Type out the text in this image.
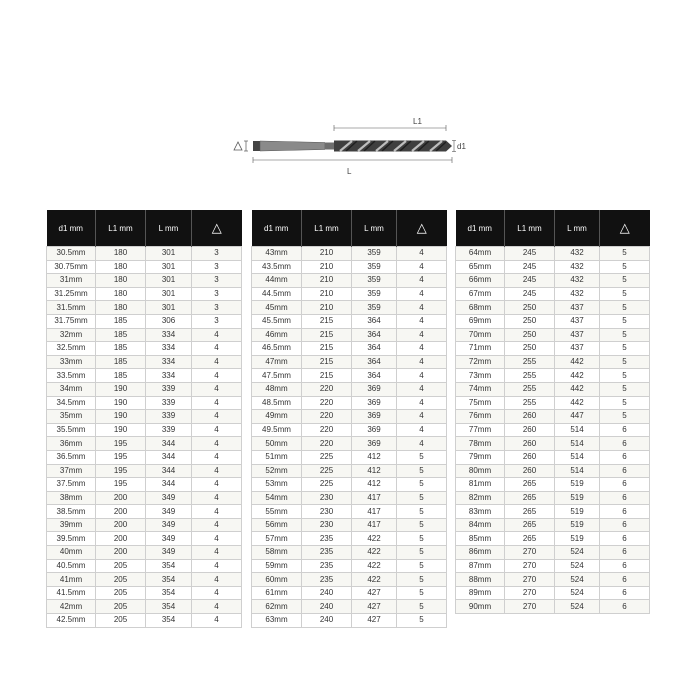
L1
d1
L
d1 mm	L1 mm	L mm	△
30.5mm	180	301	3
30.75mm	180	301	3
31mm	180	301	3
31.25mm	180	301	3
31.5mm	180	301	3
31.75mm	185	306	3
32mm	185	334	4
32.5mm	185	334	4
33mm	185	334	4
33.5mm	185	334	4
34mm	190	339	4
34.5mm	190	339	4
35mm	190	339	4
35.5mm	190	339	4
36mm	195	344	4
36.5mm	195	344	4
37mm	195	344	4
37.5mm	195	344	4
38mm	200	349	4
38.5mm	200	349	4
39mm	200	349	4
39.5mm	200	349	4
40mm	200	349	4
40.5mm	205	354	4
41mm	205	354	4
41.5mm	205	354	4
42mm	205	354	4
42.5mm	205	354	4
d1 mm	L1 mm	L mm	△
43mm	210	359	4
43.5mm	210	359	4
44mm	210	359	4
44.5mm	210	359	4
45mm	210	359	4
45.5mm	215	364	4
46mm	215	364	4
46.5mm	215	364	4
47mm	215	364	4
47.5mm	215	364	4
48mm	220	369	4
48.5mm	220	369	4
49mm	220	369	4
49.5mm	220	369	4
50mm	220	369	4
51mm	225	412	5
52mm	225	412	5
53mm	225	412	5
54mm	230	417	5
55mm	230	417	5
56mm	230	417	5
57mm	235	422	5
58mm	235	422	5
59mm	235	422	5
60mm	235	422	5
61mm	240	427	5
62mm	240	427	5
63mm	240	427	5
d1 mm	L1 mm	L mm	△
64mm	245	432	5
65mm	245	432	5
66mm	245	432	5
67mm	245	432	5
68mm	250	437	5
69mm	250	437	5
70mm	250	437	5
71mm	250	437	5
72mm	255	442	5
73mm	255	442	5
74mm	255	442	5
75mm	255	442	5
76mm	260	447	5
77mm	260	514	6
78mm	260	514	6
79mm	260	514	6
80mm	260	514	6
81mm	265	519	6
82mm	265	519	6
83mm	265	519	6
84mm	265	519	6
85mm	265	519	6
86mm	270	524	6
87mm	270	524	6
88mm	270	524	6
89mm	270	524	6
90mm	270	524	6
